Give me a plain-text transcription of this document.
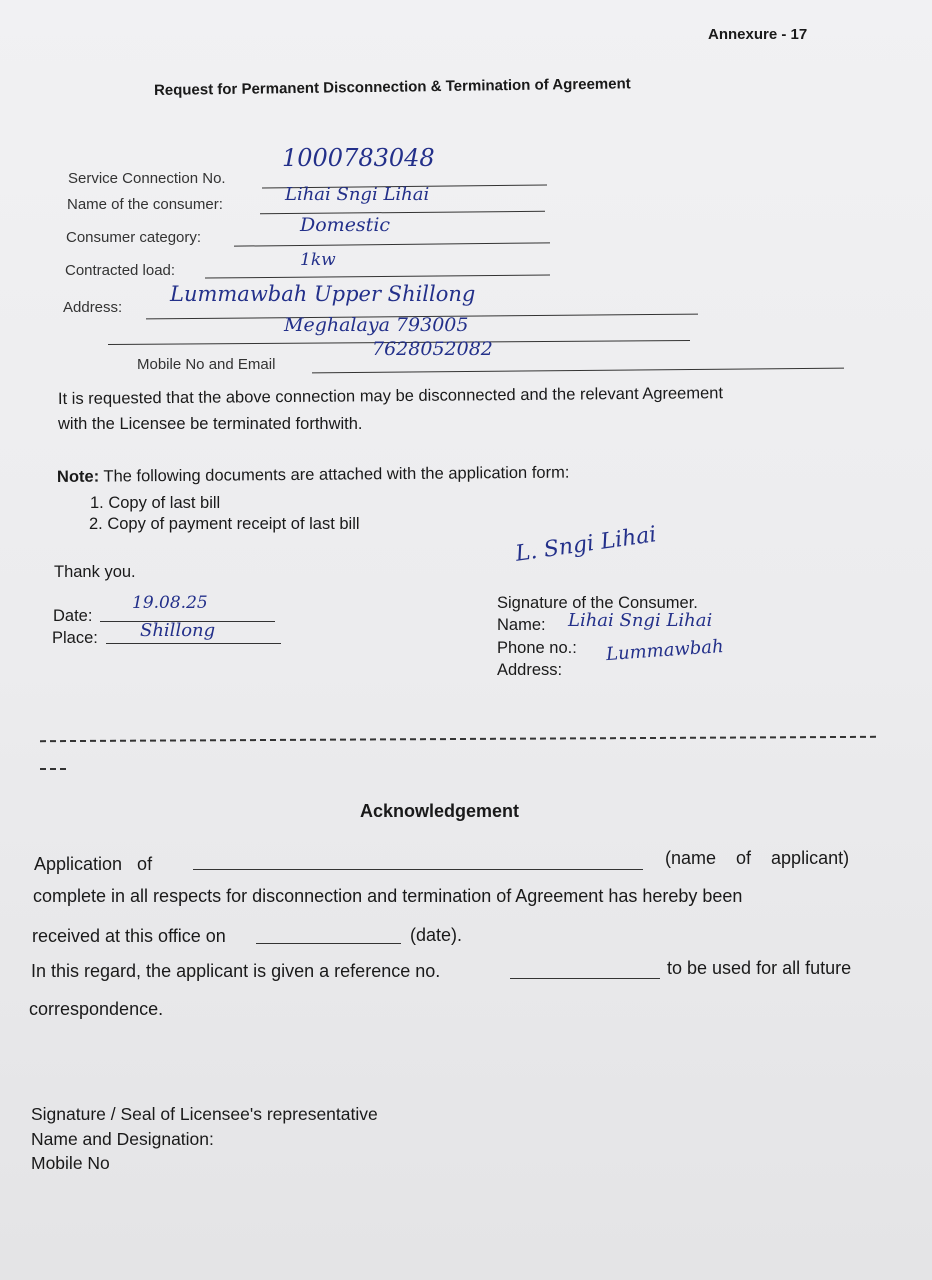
Annexure - 17
Request for Permanent Disconnection & Termination of Agreement
Service Connection No.
1000783048
Name of the consumer:	Lihai Sngi Lihai
Consumer category:
Domestic
Contracted load:
1kw
Address:
Lummawbah Upper Shillong
Meghalaya 793005
Mobile No and Email
7628052082
It is requested that the above connection may be disconnected and the relevant Agreement
with the Licensee be terminated forthwith.
Note: The following documents are attached with the application form:
1. Copy of last bill
2. Copy of payment receipt of last bill
Thank you.
Date:
19.08.25
Place: Shillong
L. Sngi Lihai
Signature of the Consumer.
Name: Lihai Sngi Lihai
Phone no.:
Address:
Lummawbah
Acknowledgement
Application   of	(name    of    applicant)
complete in all respects for disconnection and termination of Agreement has hereby been
received at this office on	(date).
In this regard, the applicant is given a reference no.	to be used for all future
correspondence.
Signature / Seal of Licensee's representative
Name and Designation:
Mobile No
